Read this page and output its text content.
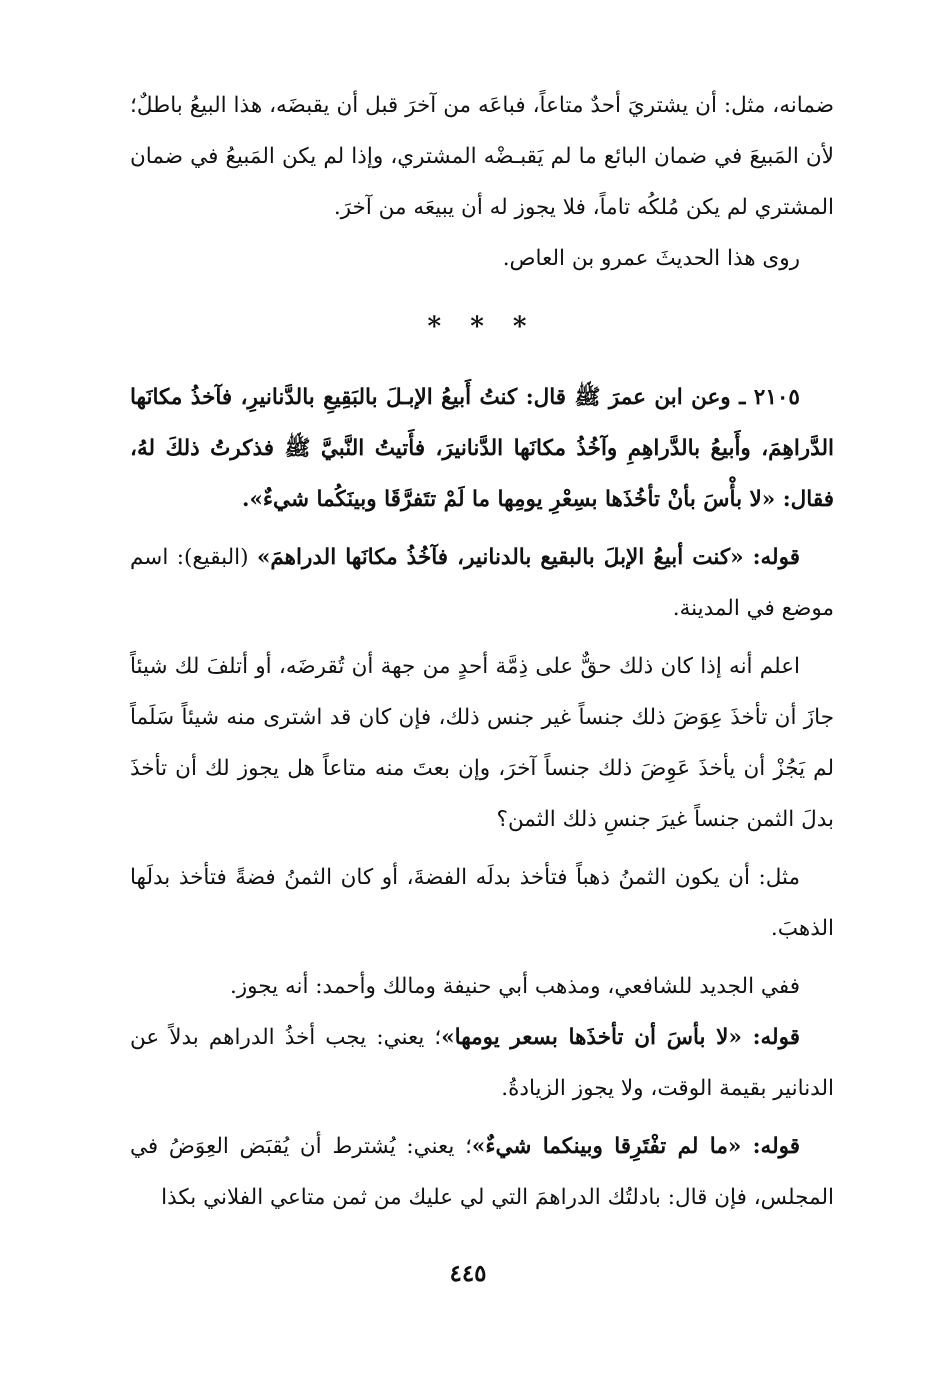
ضمانه، مثل: أن يشتريَ أحدٌ متاعاً، فباعَه من آخرَ قبل أن يقبضَه، هذا البيعُ باطلٌ؛ لأن المَبيعَ في ضمان البائع ما لم يَقبـضْه المشتري، وإذا لم يكن المَبيعُ في ضمان المشتري لم يكن مُلكُه تاماً، فلا يجوز له أن يبيعَه من آخرَ.

روى هذا الحديثَ عمرو بن العاص.

* * *

٢١٠٥ ـ وعن ابن عمرَ ﷺ قال: كنتُ أَبيعُ الإبـلَ بالبَقِيعِ بالدَّنانيرِ، فآخذُ مكانَها الدَّراهِمَ، وأَبيعُ بالدَّراهِمِ وآخُذُ مكانَها الدَّنانيرَ، فأَتيتُ النَّبيَّ ﷺ فذكرتُ ذلكَ لهُ، فقال: «لا بأْسَ بأنْ تأخُذَها بسِعْرِ يومِها ما لَمْ تتَفرَّقَا وبينَكُما شيءٌ».

قوله: «كنت أبيعُ الإبلَ بالبقيع بالدنانير، فآخُذُ مكانَها الدراهمَ» (البقيع): اسم موضع في المدينة.

اعلم أنه إذا كان ذلك حقٌّ على ذِمَّة أحدٍ من جهة أن تُقرضَه، أو أتلفَ لك شيئاً جازَ أن تأخذَ عِوَضَ ذلك جنساً غير جنس ذلك، فإن كان قد اشترى منه شيئاً سَلَماً لم يَجُزْ أن يأخذَ عَوِضَ ذلك جنساً آخرَ، وإن بعتَ منه متاعاً هل يجوز لك أن تأخذَ بدلَ الثمن جنساً غيرَ جنسِ ذلك الثمن؟

مثل: أن يكون الثمنُ ذهباً فتأخذ بدلَه الفضةَ، أو كان الثمنُ فضةً فتأخذ بدلَها الذهبَ.

ففي الجديد للشافعي، ومذهب أبي حنيفة ومالك وأحمد: أنه يجوز.

قوله: «لا بأسَ أن تأخذَها بسعر يومها»؛ يعني: يجب أخذُ الدراهم بدلاً عن الدنانير بقيمة الوقت، ولا يجوز الزيادةُ.

قوله: «ما لم تفْتَرِقا وبينكما شيءٌ»؛ يعني: يُشترط أن يُقبَض العِوَضُ في المجلس، فإن قال: بادلتُك الدراهمَ التي لي عليك من ثمن متاعي الفلاني بكذا

٤٤٥
